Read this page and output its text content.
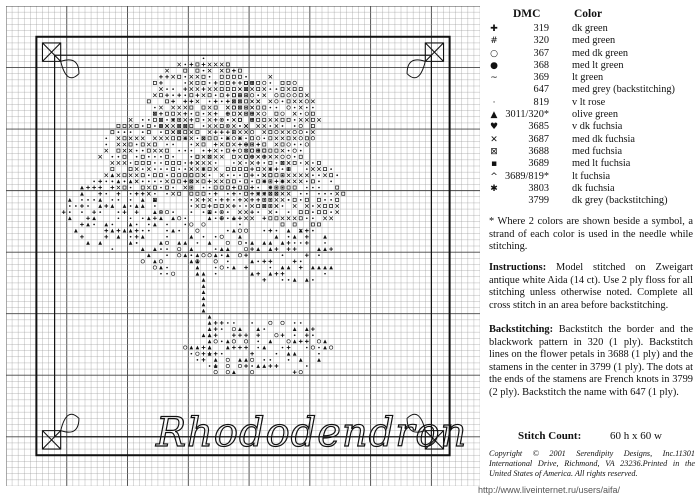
Rhododendron
DMC	Color
✚	319 dk green
#	320 med green
○	367 med dk green
●	368 med lt green
~	369 lt green
647 med grey (backstitching)
·	819 v lt rose
▲ 3011/320* olive green
♥	3685 v dk fuchsia
✕	3687 med dk fuchsia
⊠	3688 med fuchsia
▪	3689 med lt fuchsia
^ 3689/819* lt fuchsia
✱	3803 dk fuchsia
3799 dk grey (backstitching)
* Where 2 colors are shown beside a symbol, a strand of each color is used in the needle while stitching.
Instructions: Model stitched on Zweigart antique white Aida (14 ct). Use 2 ply floss for all stitching unless otherwise noted. Complete all cross stitch in an area before backstitching.
Backstitching: Backstitch the border and the blackwork pattern in 320 (1 ply). Backstitch lines on the flower petals in 3688 (1 ply) and the stamens in the center in 3799 (1 ply). The dots at the ends of the stamens are French knots in 3799 (2 ply). Backstitch the name with 647 (1 ply).
Stitch Count:	60 h x 60 w
Copyright © 2001 Serendipity Designs, Inc.11301 International Drive, Richmond, VA 23236.Printed in the United States of America. All rights reserved.
http://www.liveinternet.ru/users/aifa/
